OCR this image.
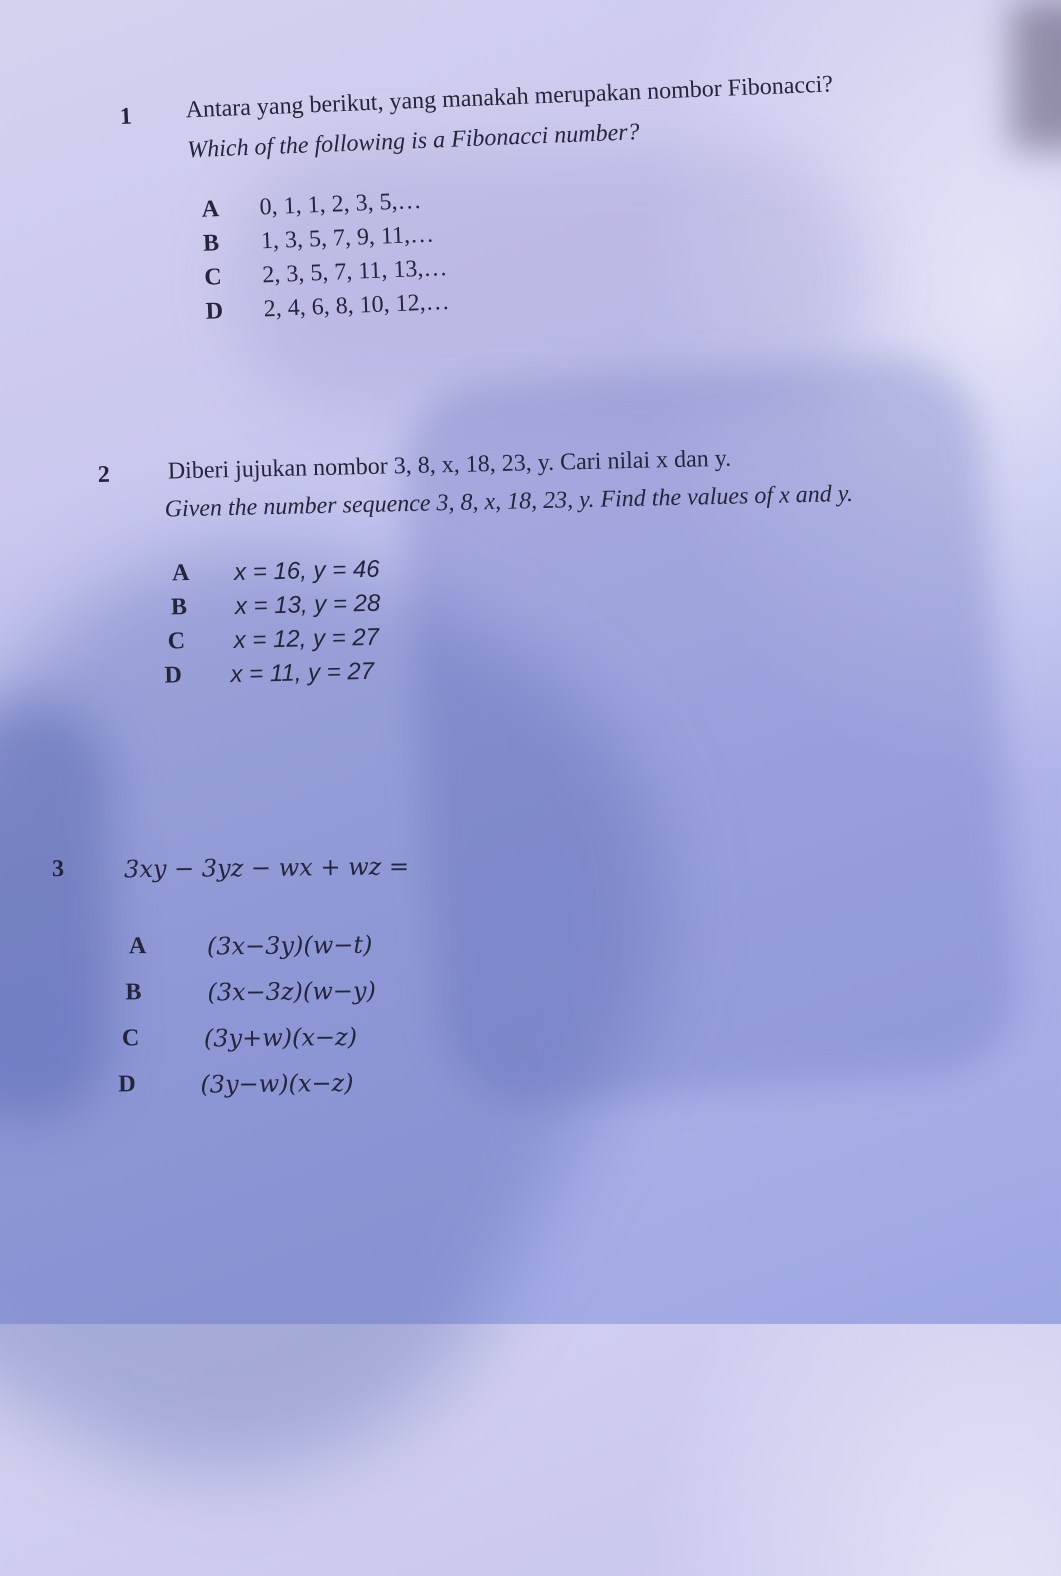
1 Antara yang berikut, yang manakah merupakan nombor Fibonacci?
Which of the following is a Fibonacci number?
A 0, 1, 1, 2, 3, 5,…
B 1, 3, 5, 7, 9, 11,…
C 2, 3, 5, 7, 11, 13,…
D 2, 4, 6, 8, 10, 12,…
2 Diberi jujukan nombor 3, 8, x, 18, 23, y. Cari nilai x dan y.
Given the number sequence 3, 8, x, 18, 23, y. Find the values of x and y.
A x = 16, y = 46
B x = 13, y = 28
C x = 12, y = 27
D x = 11, y = 27
3 3xy − 3yz − wx + wz =
A	(3x−3y)(w−t)
B	(3x−3z)(w−y)
C	(3y+w)(x−z)
D	(3y−w)(x−z)
